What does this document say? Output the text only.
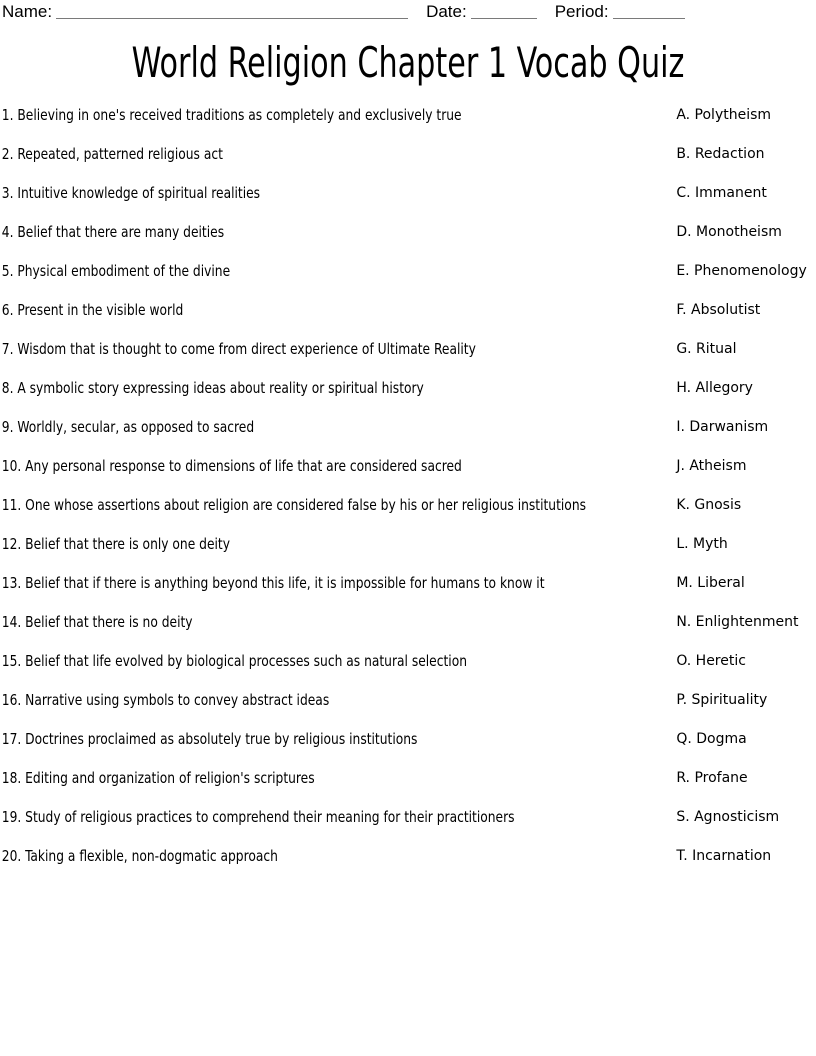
Name:	Date:	Period:
World Religion Chapter 1 Vocab Quiz
1. Believing in one's received traditions as completely and exclusively true	A. Polytheism
2. Repeated, patterned religious act	B. Redaction
3. Intuitive knowledge of spiritual realities	C. Immanent
4. Belief that there are many deities	D. Monotheism
5. Physical embodiment of the divine	E. Phenomenology
6. Present in the visible world	F. Absolutist
7. Wisdom that is thought to come from direct experience of Ultimate Reality	G. Ritual
8. A symbolic story expressing ideas about reality or spiritual history	H. Allegory
9. Worldly, secular, as opposed to sacred	I. Darwanism
10. Any personal response to dimensions of life that are considered sacred	J. Atheism
11. One whose assertions about religion are considered false by his or her religious institutions	K. Gnosis
12. Belief that there is only one deity	L. Myth
13. Belief that if there is anything beyond this life, it is impossible for humans to know it	M. Liberal
14. Belief that there is no deity	N. Enlightenment
15. Belief that life evolved by biological processes such as natural selection	O. Heretic
16. Narrative using symbols to convey abstract ideas	P. Spirituality
17. Doctrines proclaimed as absolutely true by religious institutions	Q. Dogma
18. Editing and organization of religion's scriptures	R. Profane
19. Study of religious practices to comprehend their meaning for their practitioners	S. Agnosticism
20. Taking a flexible, non-dogmatic approach	T. Incarnation
